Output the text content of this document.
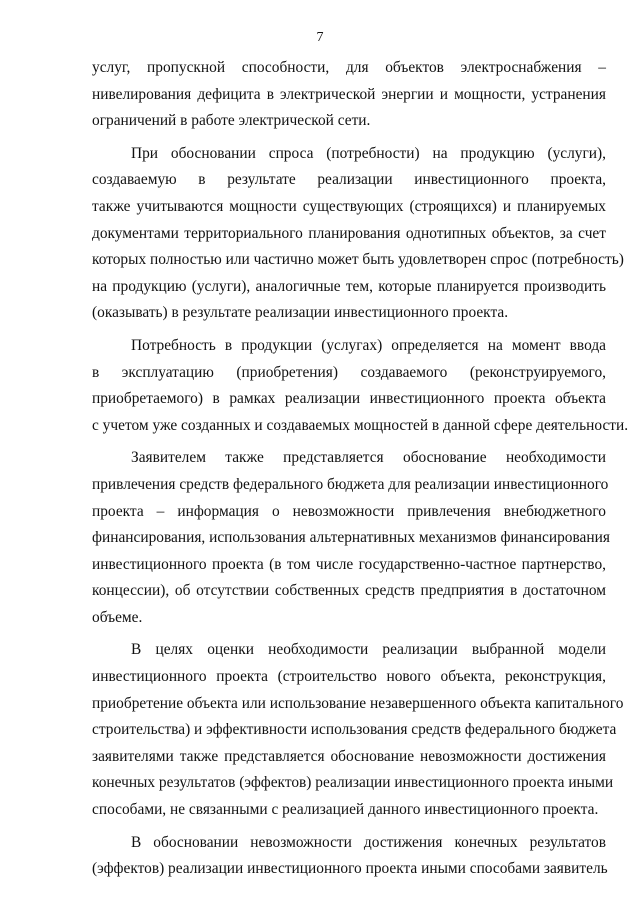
7
услуг, пропускной способности, для объектов электроснабжения –
нивелирования дефицита в электрической энергии и мощности, устранения
ограничений в работе электрической сети.
При обосновании спроса (потребности) на продукцию (услуги),
создаваемую в результате реализации инвестиционного проекта,
также учитываются мощности существующих (строящихся) и планируемых
документами территориального планирования однотипных объектов, за счет
которых полностью или частично может быть удовлетворен спрос (потребность)
на продукцию (услуги), аналогичные тем, которые планируется производить
(оказывать) в результате реализации инвестиционного проекта.
Потребность в продукции (услугах) определяется на момент ввода
в эксплуатацию (приобретения) создаваемого (реконструируемого,
приобретаемого) в рамках реализации инвестиционного проекта объекта
с учетом уже созданных и создаваемых мощностей в данной сфере деятельности.
Заявителем также представляется обоснование необходимости
привлечения средств федерального бюджета для реализации инвестиционного
проекта – информация о невозможности привлечения внебюджетного
финансирования, использования альтернативных механизмов финансирования
инвестиционного проекта (в том числе государственно-частное партнерство,
концессии), об отсутствии собственных средств предприятия в достаточном
объеме.
В целях оценки необходимости реализации выбранной модели
инвестиционного проекта (строительство нового объекта, реконструкция,
приобретение объекта или использование незавершенного объекта капитального
строительства) и эффективности использования средств федерального бюджета
заявителями также представляется обоснование невозможности достижения
конечных результатов (эффектов) реализации инвестиционного проекта иными
способами, не связанными с реализацией данного инвестиционного проекта.
В обосновании невозможности достижения конечных результатов
(эффектов) реализации инвестиционного проекта иными способами заявитель
